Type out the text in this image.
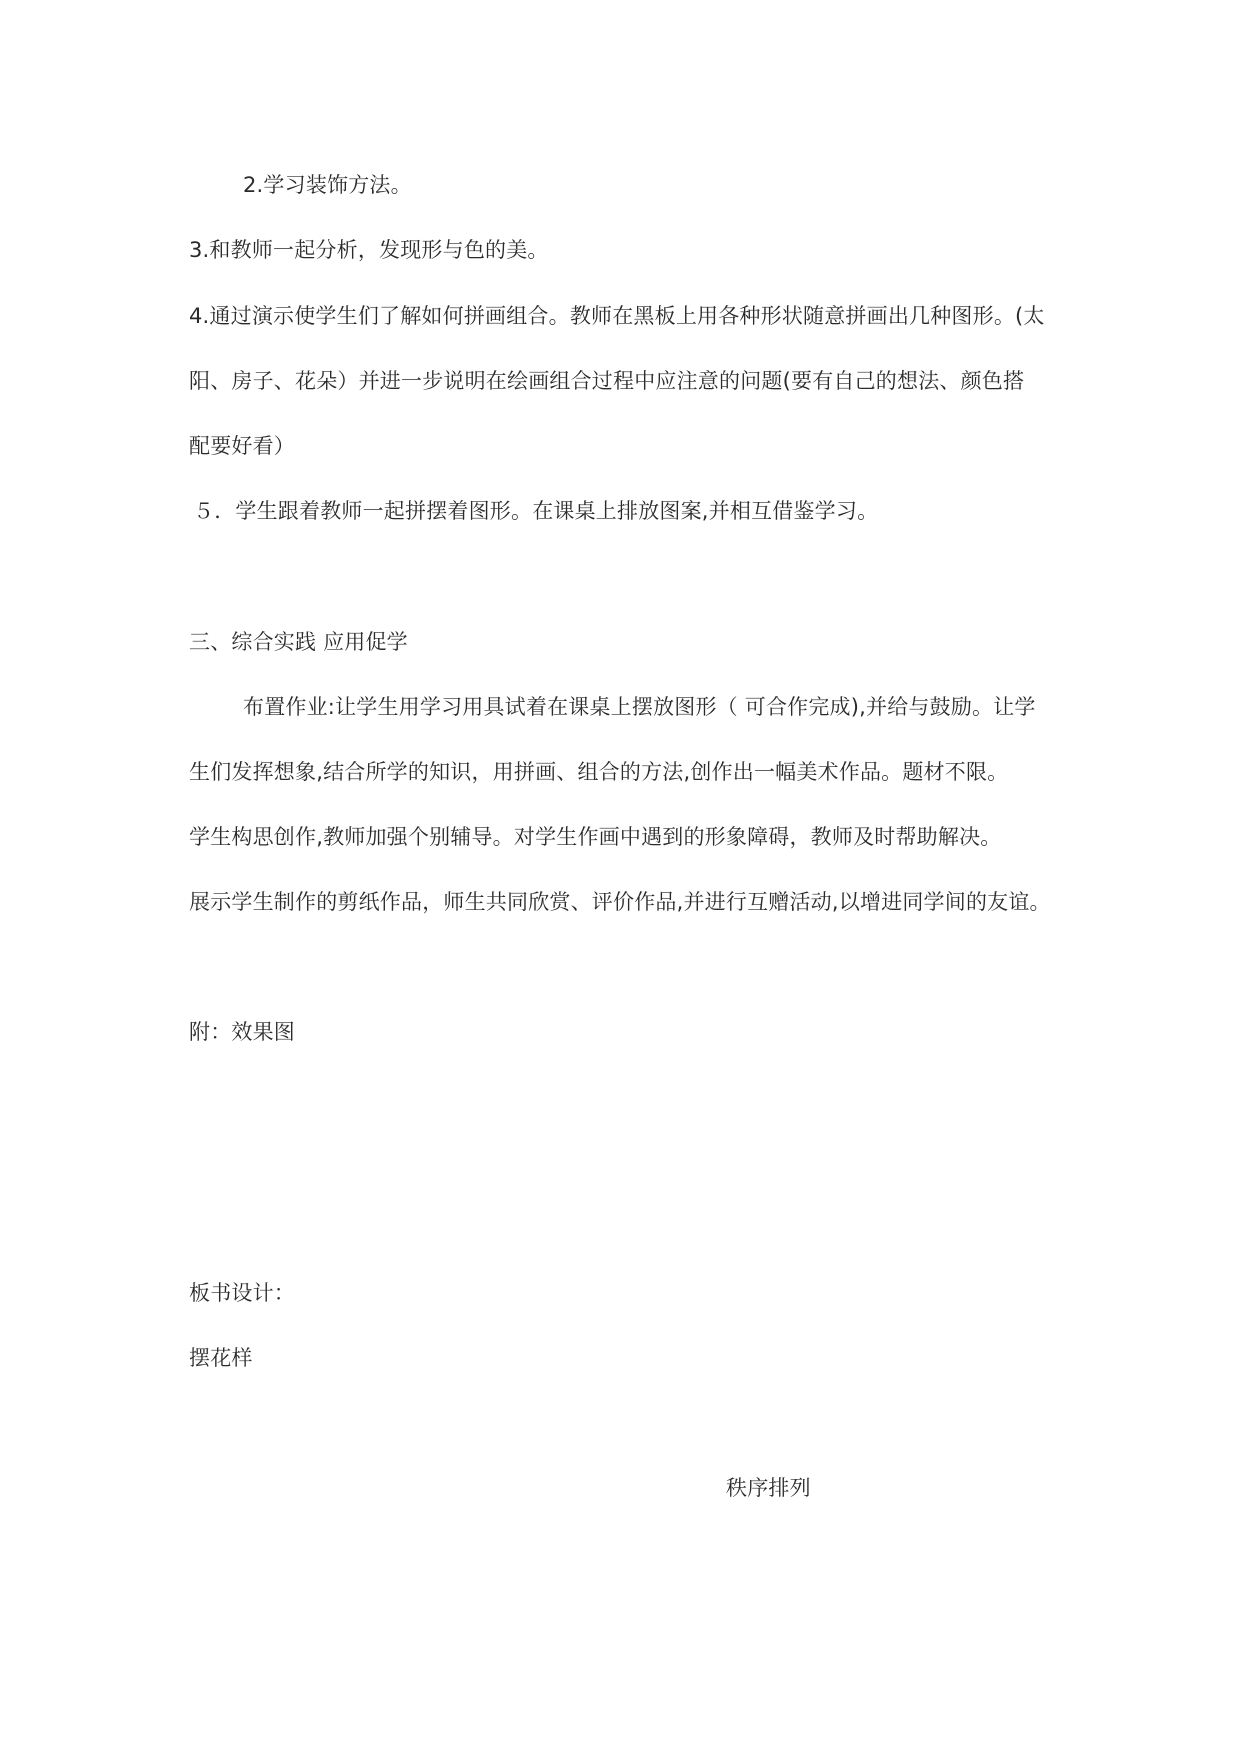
2.学习装饰方法。
3.和教师一起分析，发现形与色的美。
4.通过演示使学生们了解如何拼画组合。教师在黑板上用各种形状随意拼画出几种图形。(太
阳、房子、花朵）并进一步说明在绘画组合过程中应注意的问题(要有自己的想法、颜色搭
配要好看）
５．学生跟着教师一起拼摆着图形。在课桌上排放图案,并相互借鉴学习。
三、综合实践 应用促学
布置作业:让学生用学习用具试着在课桌上摆放图形（ 可合作完成),并给与鼓励。让学
生们发挥想象,结合所学的知识，用拼画、组合的方法,创作出一幅美术作品。题材不限。
学生构思创作,教师加强个别辅导。对学生作画中遇到的形象障碍，教师及时帮助解决。
展示学生制作的剪纸作品，师生共同欣赏、评价作品,并进行互赠活动,以增进同学间的友谊。
附：效果图
板书设计：
摆花样
秩序排列
